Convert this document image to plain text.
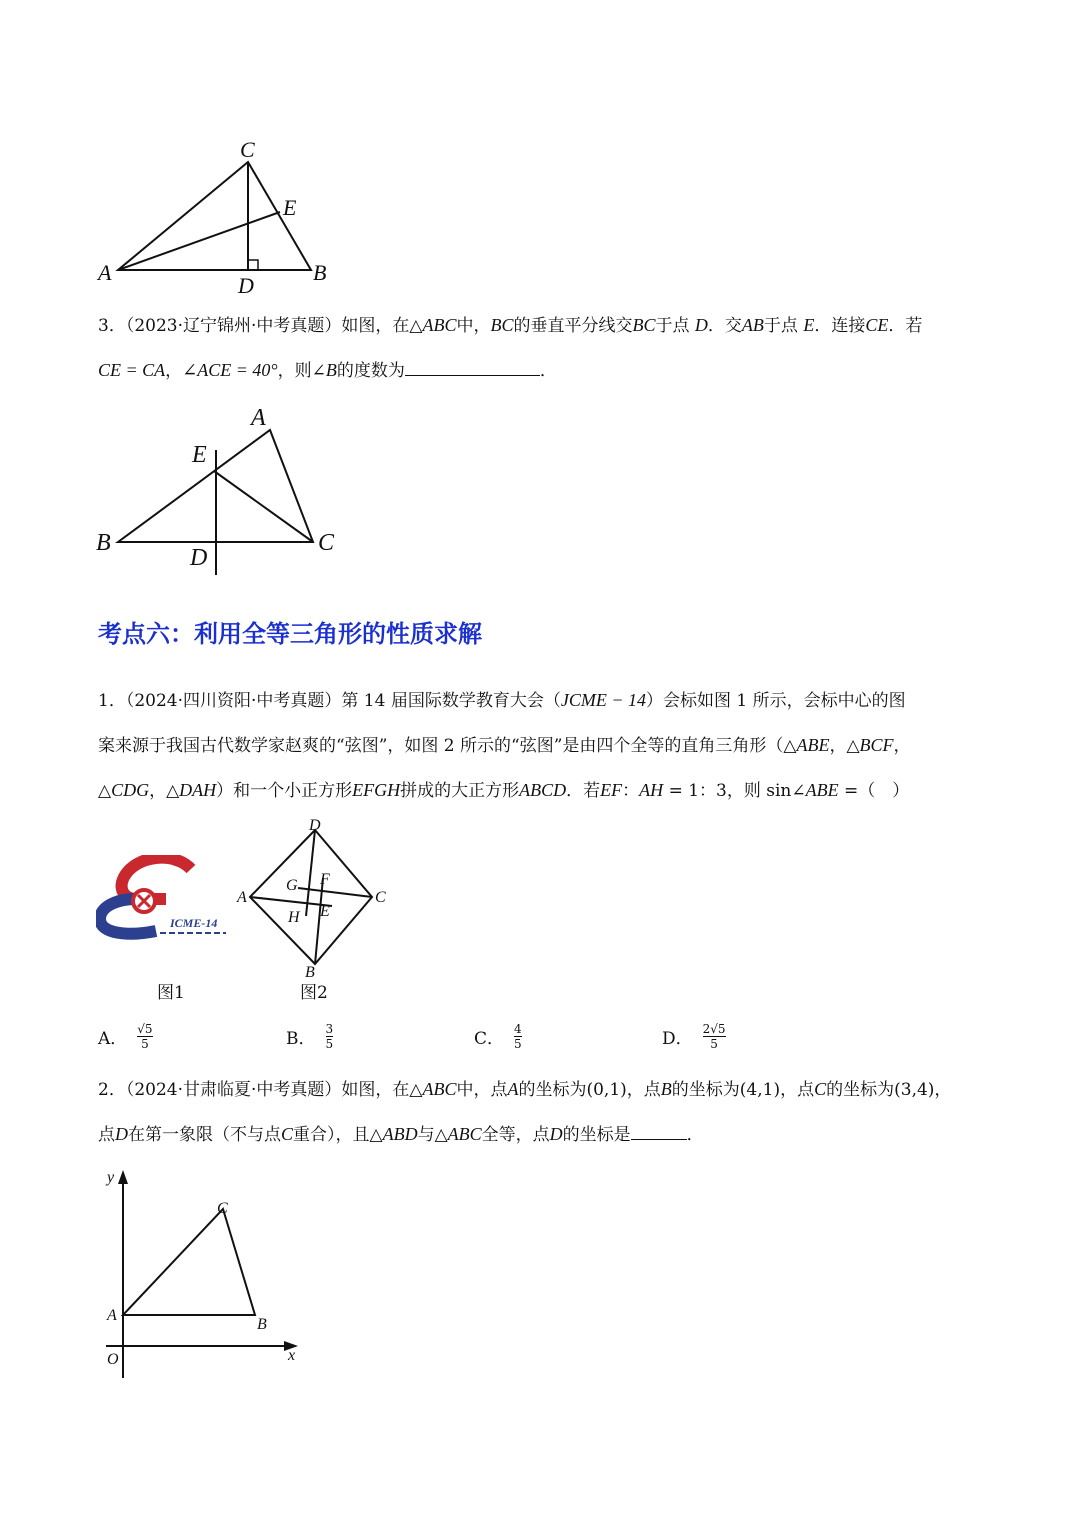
C
E
A
D
B
3．（2023·辽宁锦州·中考真题）如图，在△ABC中，BC的垂直平分线交BC于点 D．交AB于点 E．连接CE．若
CE = CA，∠ACE = 40°，则∠B的度数为	．
A
E
B
D
C
考点六：利用全等三角形的性质求解
1．（2024·四川资阳·中考真题）第 14 届国际数学教育大会（JCME − 14）会标如图 1 所示，会标中心的图
案来源于我国古代数学家赵爽的“弦图”，如图 2 所示的“弦图”是由四个全等的直角三角形（△ABE，△BCF，
△CDG，△DAH）和一个小正方形EFGH拼成的大正方形ABCD．若EF：AH = 1：3，则 sin∠ABE =（　）
ICME-14
D
A	C
B
G F
H E
图1	图2
A． $\frac{√5}{5}$	B． $\frac{3}{5}$	C． $\frac{4}{5}$	D． $\frac{2√5}{5}$
2．（2024·甘肃临夏·中考真题）如图，在△ABC中，点A的坐标为(0,1)，点B的坐标为(4,1)，点C的坐标为(3,4)，
点D在第一象限（不与点C重合），且△ABD与△ABC全等，点D的坐标是	．
y
x
O
A
B
C
